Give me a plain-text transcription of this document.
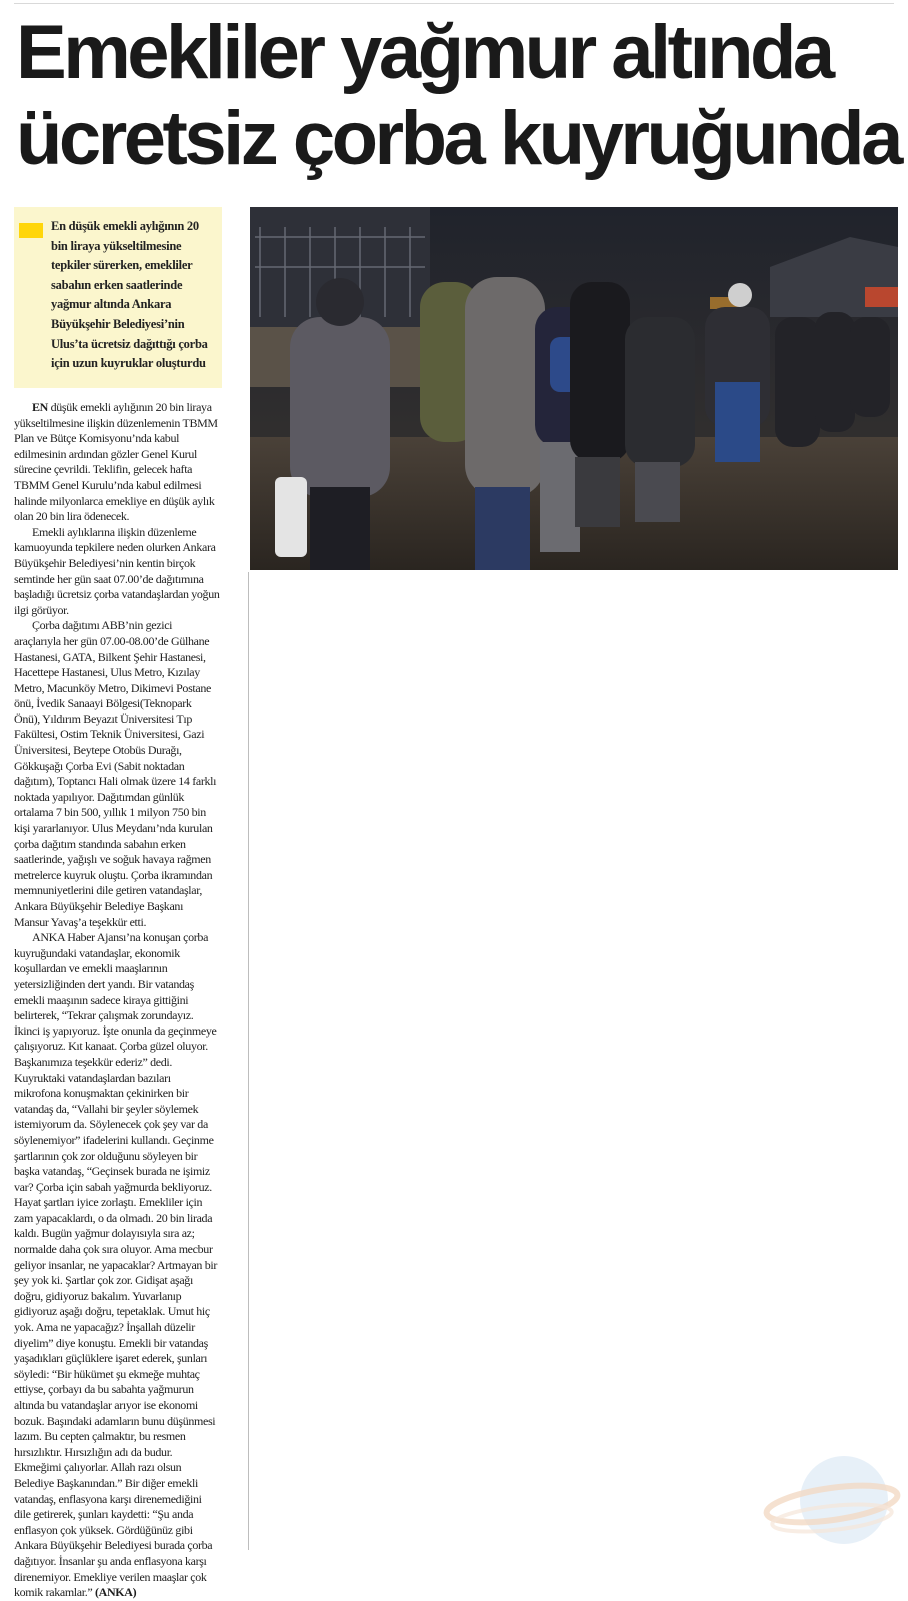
Emekliler yağmur altında
ücretsiz çorba kuyruğunda

En düşük emekli aylığının 20 bin liraya yükseltilmesine tepkiler sürerken, emekliler sabahın erken saatlerinde yağmur altında Ankara Büyükşehir Belediyesi’nin Ulus’ta ücretsiz dağıttığı çorba için uzun kuyruklar oluşturdu

EN düşük emekli aylığının 20 bin liraya yükseltilmesine ilişkin düzenlemenin TBMM Plan ve Bütçe Komisyonu’nda kabul edilmesinin ardından gözler Genel Kurul sürecine çevrildi. Teklifin, gelecek hafta TBMM Genel Kurulu’nda kabul edilmesi halinde milyonlarca emekliye en düşük aylık olan 20 bin lira ödenecek.

Emekli aylıklarına ilişkin düzenleme kamuoyunda tepkilere neden olurken Ankara Büyükşehir Belediyesi’nin kentin birçok semtinde her gün saat 07.00’de dağıtımına başladığı ücretsiz çorba vatandaşlardan yoğun ilgi görüyor.

Çorba dağıtımı ABB’nin gezici araçlarıyla her gün 07.00-08.00’de Gülhane Hastanesi, GATA, Bilkent Şehir Hastanesi, Hacettepe Hastanesi, Ulus Metro, Kızılay Metro, Macunköy Metro, Dikimevi Postane önü, İvedik Sanaayi Bölgesi(Teknopark Önü), Yıldırım Beyazıt Üniversitesi Tıp Fakültesi, Ostim Teknik Üniversitesi, Gazi Üniversitesi, Beytepe Otobüs Durağı, Gökkuşağı Çorba Evi (Sabit noktadan dağıtım), Toptancı Hali olmak üzere 14 farklı noktada yapılıyor. Dağıtımdan günlük ortalama 7 bin 500, yıllık 1 milyon 750 bin kişi yararlanıyor. Ulus Meydanı’nda kurulan çorba dağıtım standında sabahın erken saatlerinde, yağışlı ve soğuk havaya rağmen metrelerce kuyruk oluştu. Çorba ikramından memnuniyetlerini dile getiren vatandaşlar, Ankara Büyükşehir Belediye Başkanı Mansur Yavaş’a teşekkür etti.

ANKA Haber Ajansı’na konuşan çorba kuyruğundaki vatandaşlar, ekonomik koşullardan ve emekli maaşlarının yetersizliğinden dert yandı. Bir vatandaş emekli maaşının sadece kiraya gittiğini belirterek, “Tekrar çalışmak zorundayız. İkinci iş yapıyoruz. İşte onunla da geçinmeye çalışıyoruz. Kıt kanaat. Çorba güzel oluyor. Başkanımıza teşekkür ederiz” dedi. Kuyruktaki vatandaşlardan bazıları mikrofona konuşmaktan çekinirken bir vatandaş da, “Vallahi bir şeyler söylemek istemiyorum da. Söylenecek çok şey var da söylenemiyor” ifadelerini kullandı. Geçinme şartlarının çok zor olduğunu söyleyen bir başka vatandaş, “Geçinsek burada ne işimiz var? Çorba için sabah yağmurda bekliyoruz. Hayat şartları iyice zorlaştı. Emekliler için zam yapacaklardı, o da olmadı. 20 bin lirada kaldı. Bugün yağmur dolayısıyla sıra az; normalde daha çok sıra oluyor. Ama mecbur geliyor insanlar, ne yapacaklar? Artmayan bir şey yok ki. Şartlar çok zor. Gidişat aşağı doğru, gidiyoruz bakalım. Yuvarlanıp gidiyoruz aşağı doğru, tepetaklak. Umut hiç yok. Ama ne yapacağız? İnşallah düzelir diyelim” diye konuştu. Emekli bir vatandaş yaşadıkları güçlüklere işaret ederek, şunları söyledi: “Bir hükümet şu ekmeğe muhtaç ettiyse, çorbayı da bu sabahta yağmurun altında bu vatandaşlar arıyor ise ekonomi bozuk. Başındaki adamların bunu düşünmesi lazım. Bu cepten çalmaktır, bu resmen hırsızlıktır. Hırsızlığın adı da budur. Ekmeğimi çalıyorlar. Allah razı olsun Belediye Başkanından.” Bir diğer emekli vatandaş, enflasyona karşı direnemediğini dile getirerek, şunları kaydetti: “Şu anda enflasyon çok yüksek. Gördüğünüz gibi Ankara Büyükşehir Belediyesi burada çorba dağıtıyor. İnsanlar şu anda enflasyona karşı direnemiyor. Emekliye verilen maaşlar çok komik rakamlar.” (ANKA)
